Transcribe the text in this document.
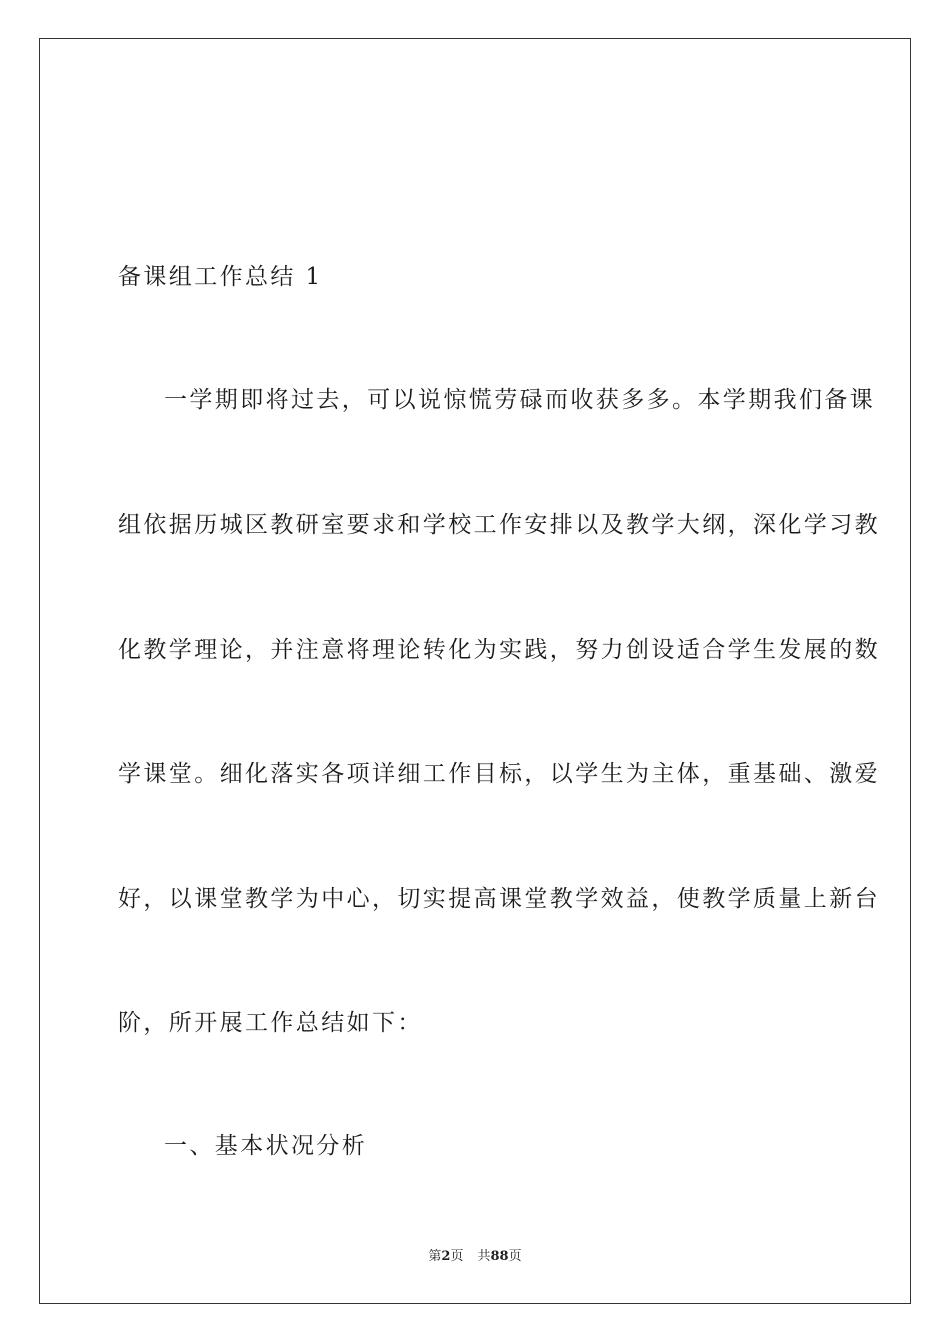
备课组工作总结 1
一学期即将过去，可以说惊慌劳碌而收获多多。本学期我们备课
组依据历城区教研室要求和学校工作安排以及教学大纲，深化学习教
化教学理论，并注意将理论转化为实践，努力创设适合学生发展的数
学课堂。细化落实各项详细工作目标，以学生为主体，重基础、激爱
好，以课堂教学为中心，切实提高课堂教学效益，使教学质量上新台
阶，所开展工作总结如下：
一、基本状况分析
第2页 共88页
